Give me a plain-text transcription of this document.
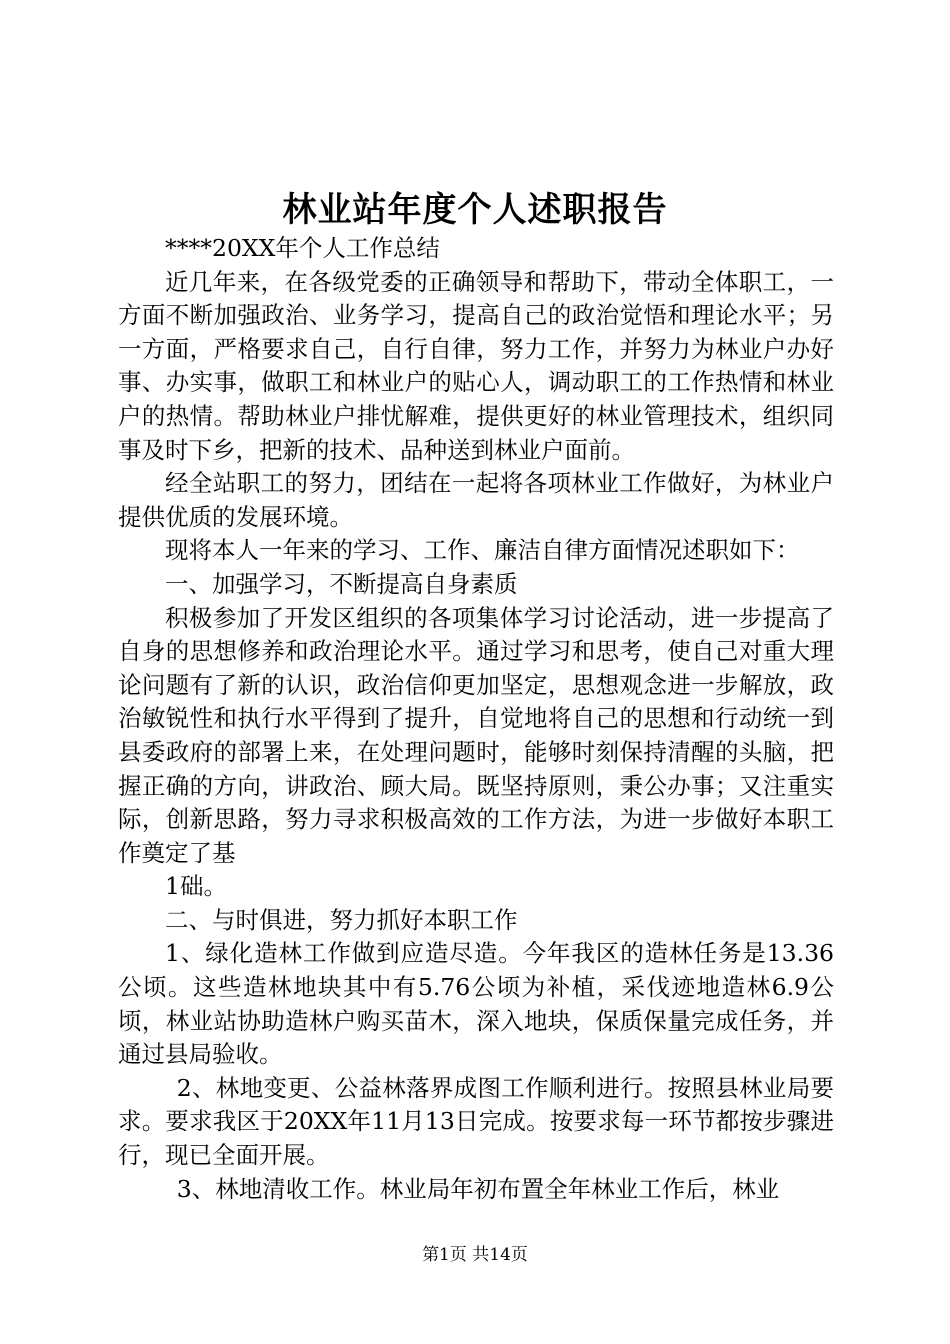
林业站年度个人述职报告

****20XX年个人工作总结

近几年来，在各级党委的正确领导和帮助下，带动全体职工，一方面不断加强政治、业务学习，提高自己的政治觉悟和理论水平；另一方面，严格要求自己，自行自律，努力工作，并努力为林业户办好事、办实事，做职工和林业户的贴心人，调动职工的工作热情和林业户的热情。帮助林业户排忧解难，提供更好的林业管理技术，组织同事及时下乡，把新的技术、品种送到林业户面前。

经全站职工的努力，团结在一起将各项林业工作做好，为林业户提供优质的发展环境。

现将本人一年来的学习、工作、廉洁自律方面情况述职如下：

一、加强学习，不断提高自身素质

积极参加了开发区组织的各项集体学习讨论活动，进一步提高了自身的思想修养和政治理论水平。通过学习和思考，使自己对重大理论问题有了新的认识，政治信仰更加坚定，思想观念进一步解放，政治敏锐性和执行水平得到了提升，自觉地将自己的思想和行动统一到县委政府的部署上来，在处理问题时，能够时刻保持清醒的头脑，把握正确的方向，讲政治、顾大局。既坚持原则，秉公办事；又注重实际，创新思路，努力寻求积极高效的工作方法，为进一步做好本职工作奠定了基

1础。

二、与时俱进，努力抓好本职工作

1、绿化造林工作做到应造尽造。今年我区的造林任务是13.36公顷。这些造林地块其中有5.76公顷为补植，采伐迹地造林6.9公顷，林业站协助造林户购买苗木，深入地块，保质保量完成任务，并通过县局验收。

2、林地变更、公益林落界成图工作顺利进行。按照县林业局要求。要求我区于20XX年11月13日完成。按要求每一环节都按步骤进行，现已全面开展。

3、林地清收工作。林业局年初布置全年林业工作后，林业

第1页 共14页
